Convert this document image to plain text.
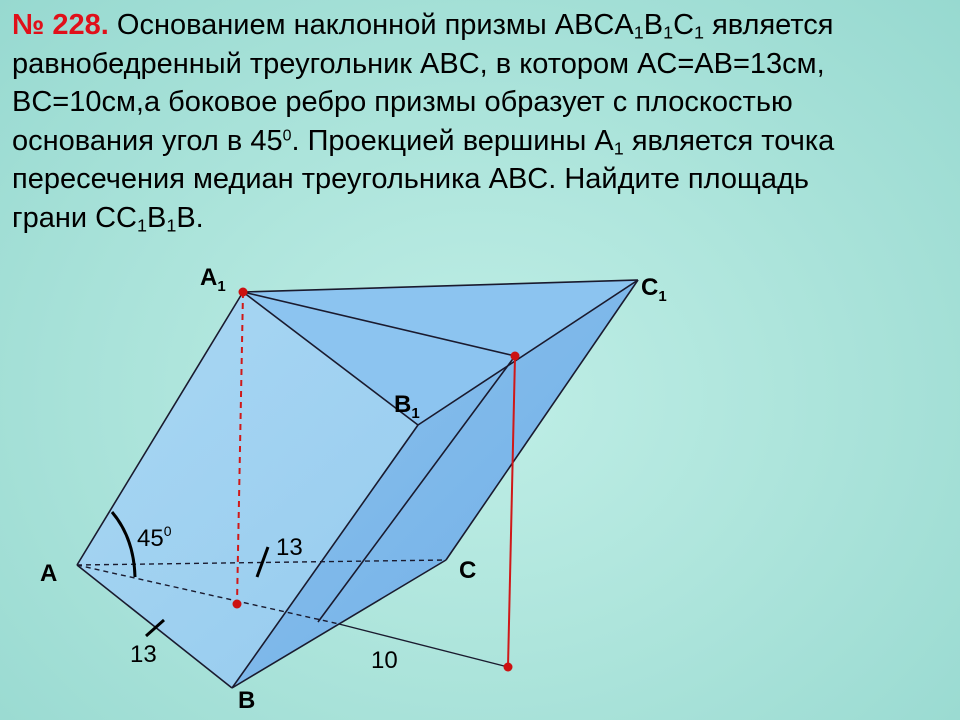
№ 228. Основанием наклонной призмы $ABCA_1B_1C_1$ является
равнобедренный треугольник ABC, в котором AC=AB=13см,
BC=10см,а боковое ребро призмы образует с плоскостью
основания угол в $45^0$. Проекцией вершины $A_1$ является точка
пересечения медиан треугольника ABC. Найдите площадь
грани $CC_1B_1B$.
$A_1$	$C_1$
$B_1$
A	C
B
$45^0$
13
13	10
